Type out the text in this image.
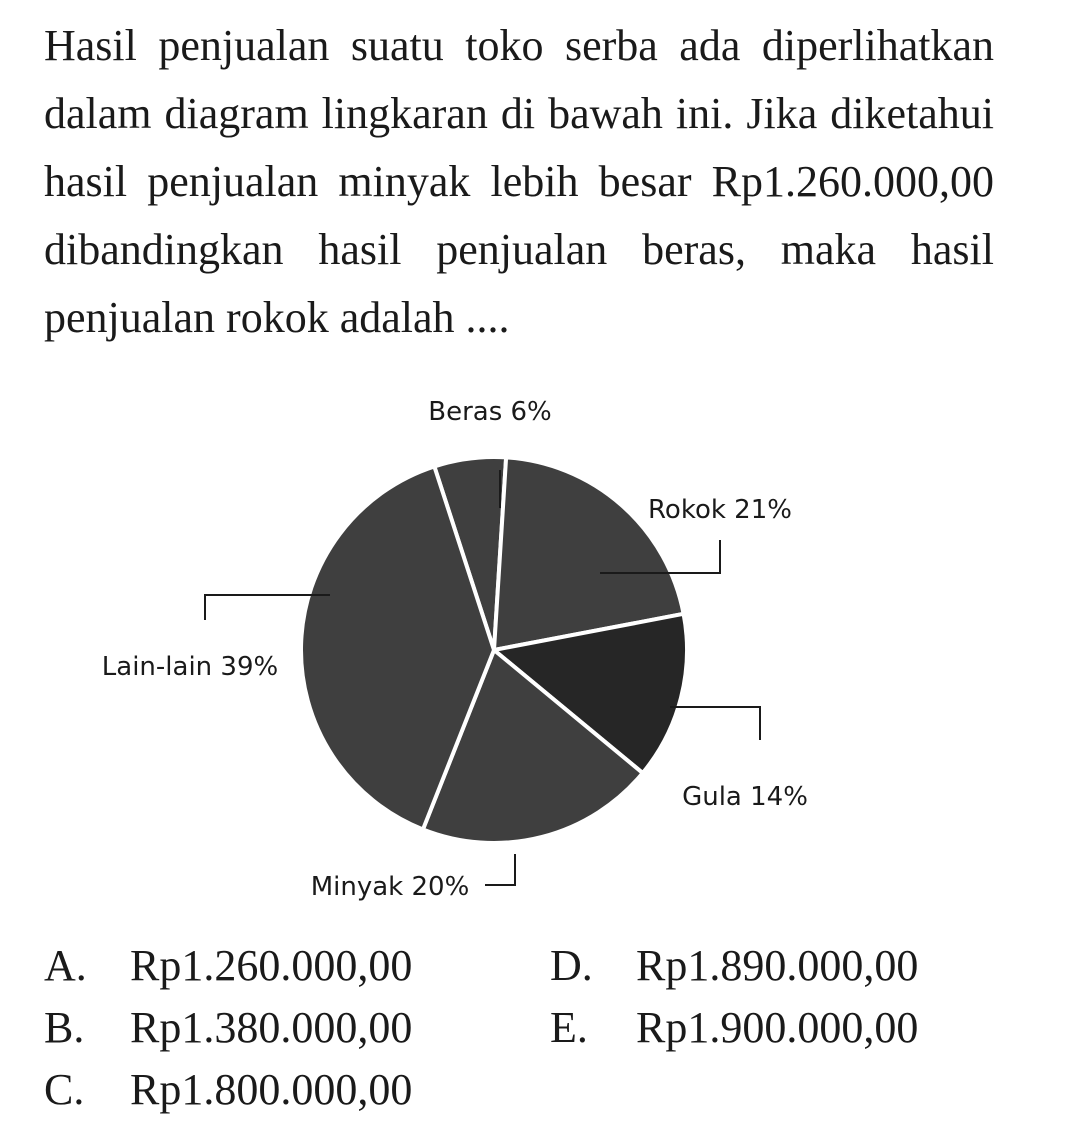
Hasil penjualan suatu toko serba ada diperlihatkan dalam diagram lingkaran di bawah ini. Jika diketahui hasil penjualan minyak lebih besar Rp1.260.000,00 dibandingkan hasil penjualan beras, maka hasil penjualan rokok adalah ....
Beras 6%
Rokok 21%
Gula 14%
Minyak 20%
Lain-lain 39%
A. Rp1.260.000,00
B. Rp1.380.000,00
C. Rp1.800.000,00
D. Rp1.890.000,00
E. Rp1.900.000,00
